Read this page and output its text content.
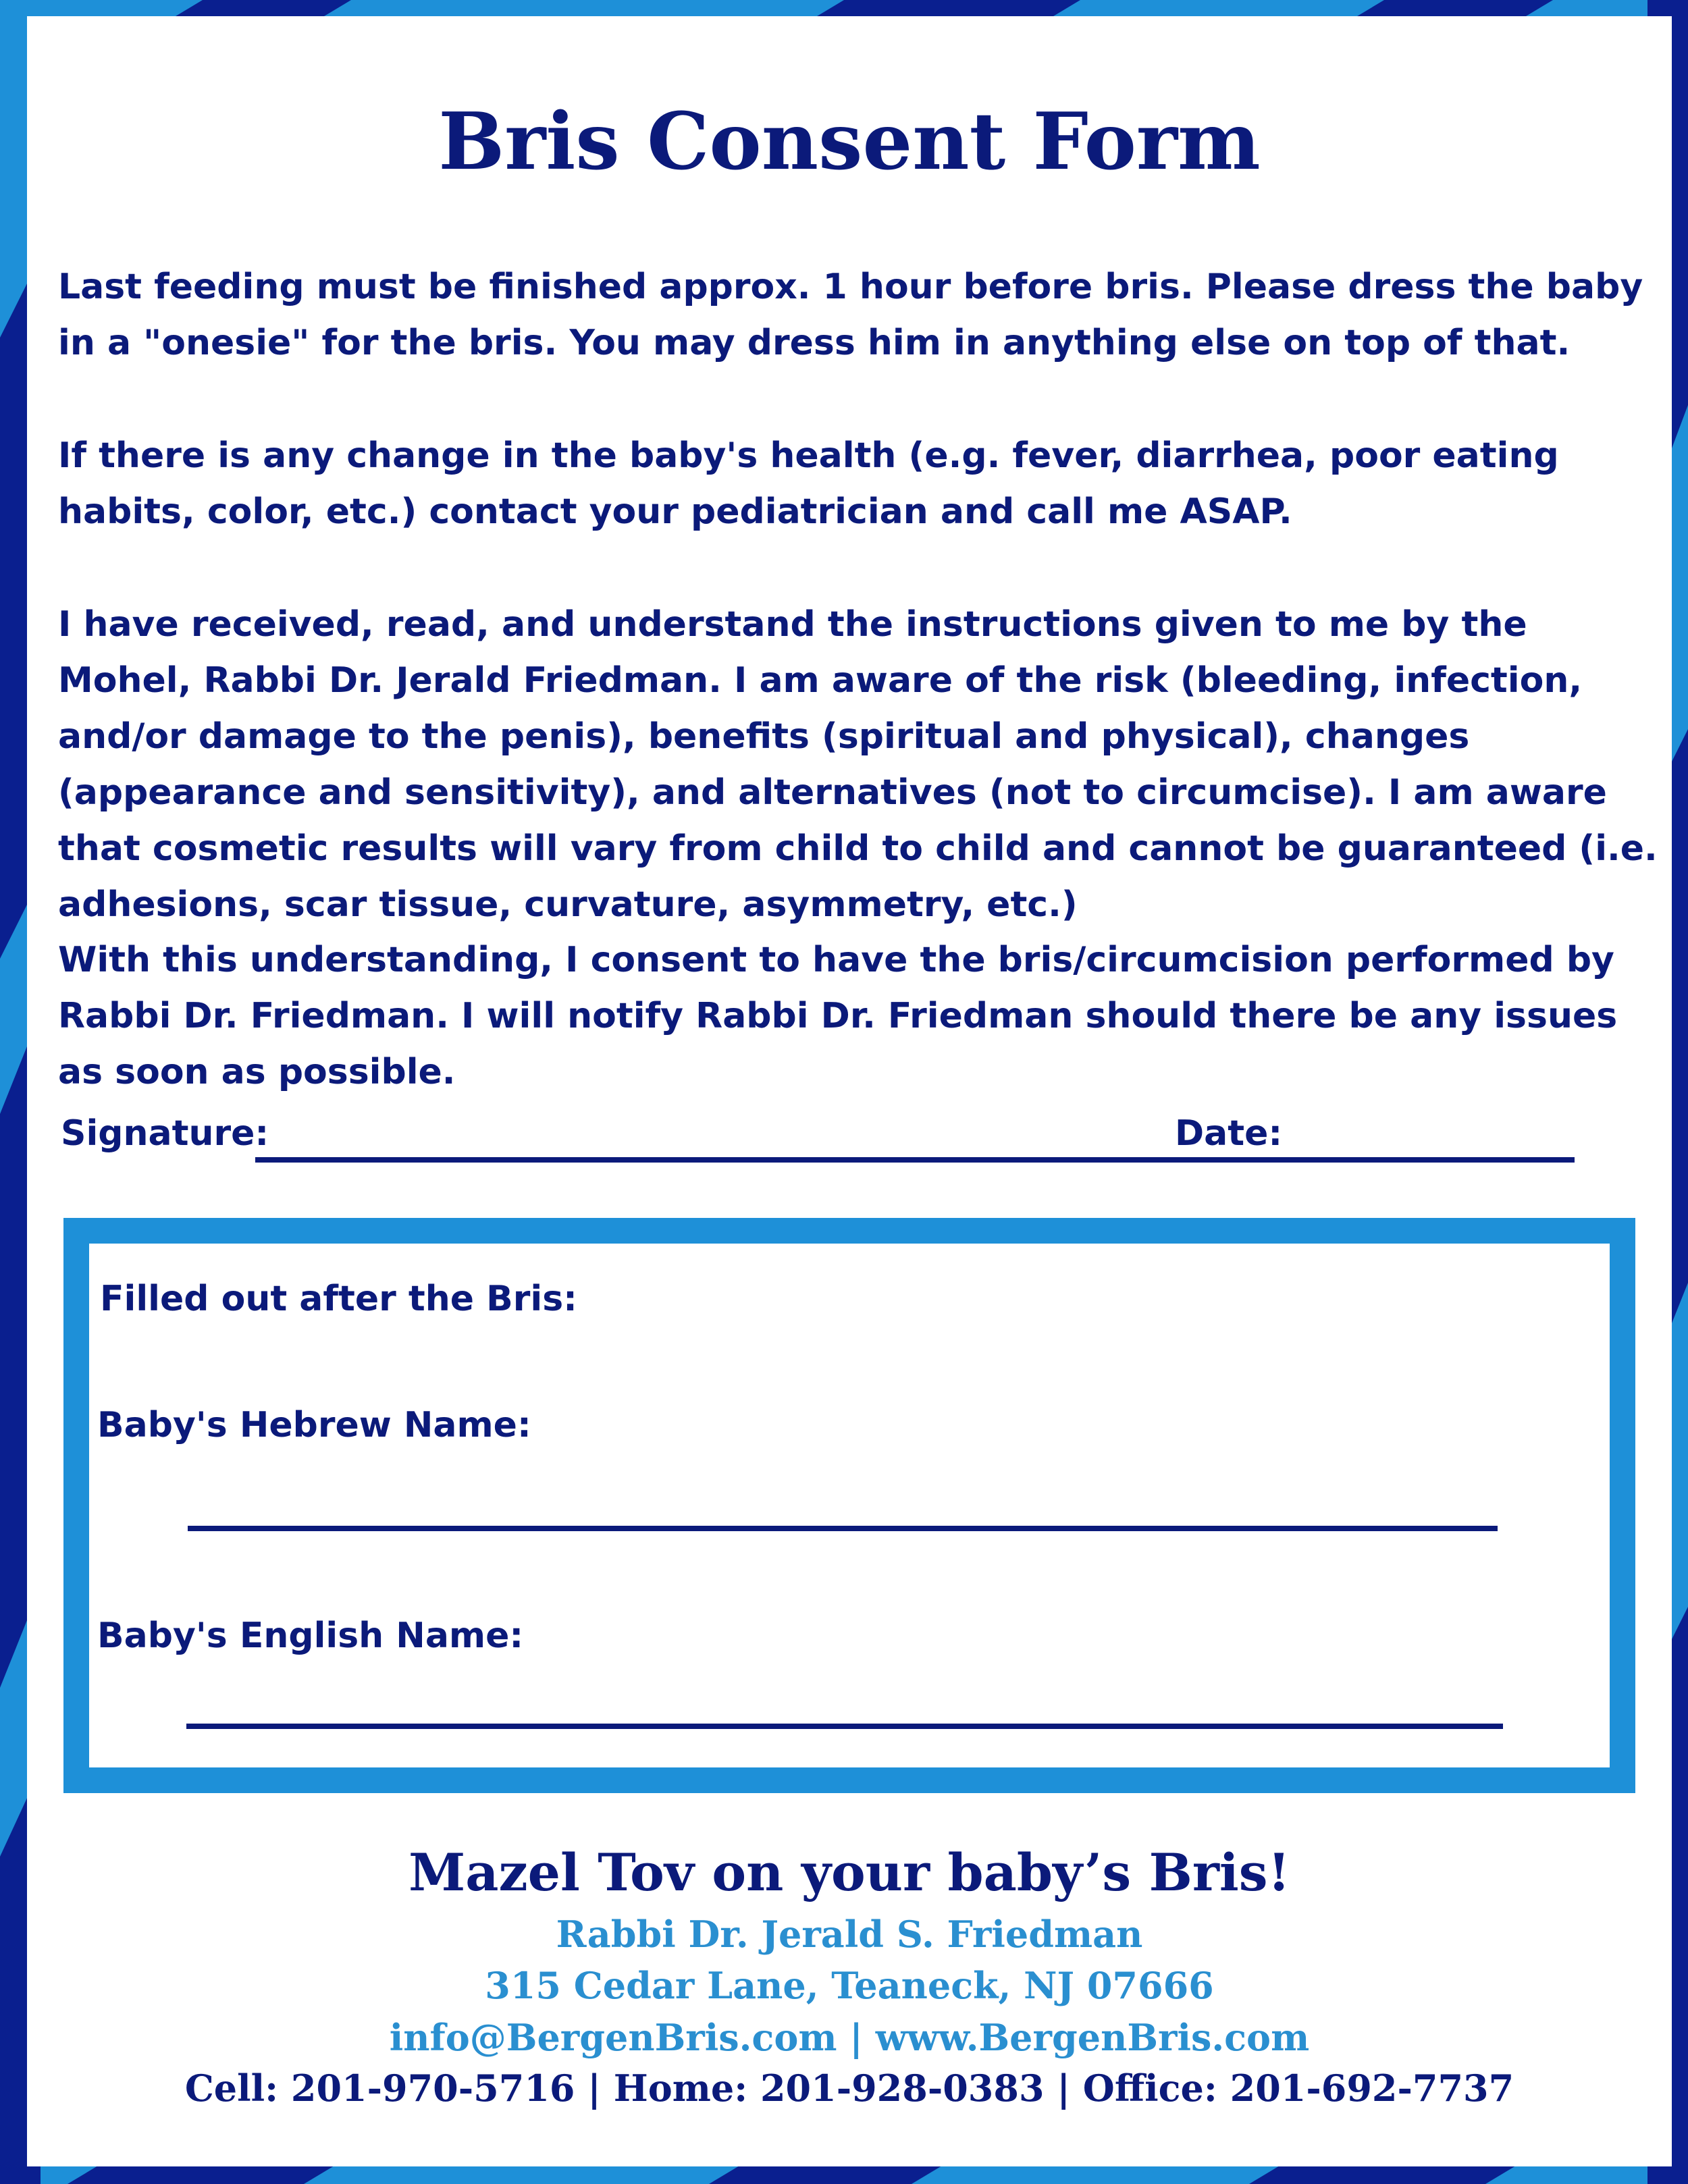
Bris Consent Form

Last feeding must be finished approx. 1 hour before bris. Please dress the baby in a "onesie" for the bris. You may dress him in anything else on top of that.

If there is any change in the baby's health (e.g. fever, diarrhea, poor eating habits, color, etc.) contact your pediatrician and call me ASAP.

I have received, read, and understand the instructions given to me by the Mohel, Rabbi Dr. Jerald Friedman. I am aware of the risk (bleeding, infection, and/or damage to the penis), benefits (spiritual and physical), changes (appearance and sensitivity), and alternatives (not to circumcise). I am aware that cosmetic results will vary from child to child and cannot be guaranteed (i.e. adhesions, scar tissue, curvature, asymmetry, etc.)

With this understanding, I consent to have the bris/circumcision performed by Rabbi Dr. Friedman. I will notify Rabbi Dr. Friedman should there be any issues as soon as possible.

Signature:	Date:
Filled out after the Bris:
Baby's Hebrew Name:
Baby's English Name:
Mazel Tov on your baby’s Bris!
Rabbi Dr. Jerald S. Friedman
315 Cedar Lane, Teaneck, NJ 07666
info@BergenBris.com | www.BergenBris.com
Cell: 201-970-5716 | Home: 201-928-0383 | Office: 201-692-7737
